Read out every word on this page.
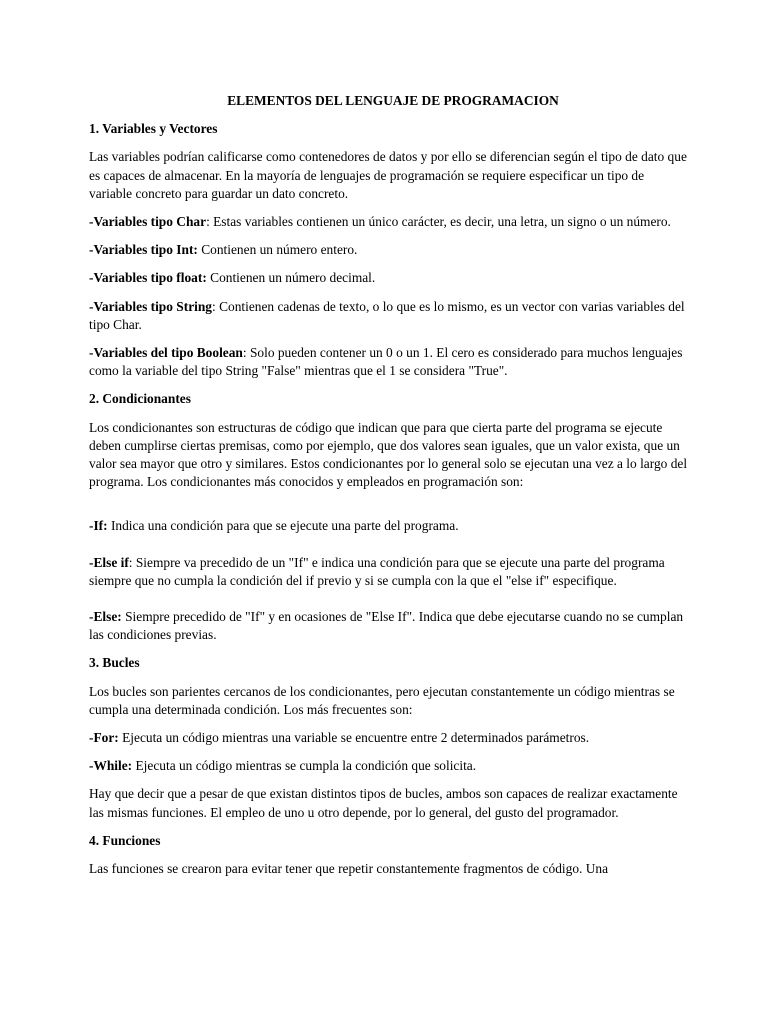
ELEMENTOS DEL LENGUAJE DE PROGRAMACION
1. Variables y Vectores
Las variables podrían calificarse como contenedores de datos y por ello se diferencian según el tipo de dato que es capaces de almacenar. En la mayoría de lenguajes de programación se requiere especificar un tipo de variable concreto para guardar un dato concreto.
-Variables tipo Char: Estas variables contienen un único carácter, es decir, una letra, un signo o un número.
-Variables tipo Int: Contienen un número entero.
-Variables tipo float: Contienen un número decimal.
-Variables tipo String: Contienen cadenas de texto, o lo que es lo mismo, es un vector con varias variables del tipo Char.
-Variables del tipo Boolean: Solo pueden contener un 0 o un 1. El cero es considerado para muchos lenguajes como la variable del tipo String "False" mientras que el 1 se considera "True".
2. Condicionantes
Los condicionantes son estructuras de código que indican que para que cierta parte del programa se ejecute deben cumplirse ciertas premisas, como por ejemplo, que dos valores sean iguales, que un valor exista, que un valor sea mayor que otro y similares. Estos condicionantes por lo general solo se ejecutan una vez a lo largo del programa. Los condicionantes más conocidos y empleados en programación son:
-If: Indica una condición para que se ejecute una parte del programa.
-Else if: Siempre va precedido de un "If" e indica una condición para que se ejecute una parte del programa siempre que no cumpla la condición del if previo y si se cumpla con la que el "else if" especifique.
-Else: Siempre precedido de "If" y en ocasiones de "Else If". Indica que debe ejecutarse cuando no se cumplan las condiciones previas.
3. Bucles
Los bucles son parientes cercanos de los condicionantes, pero ejecutan constantemente un código mientras se cumpla una determinada condición. Los más frecuentes son:
-For: Ejecuta un código mientras una variable se encuentre entre 2 determinados parámetros.
-While: Ejecuta un código mientras se cumpla la condición que solicita.
Hay que decir que a pesar de que existan distintos tipos de bucles, ambos son capaces de realizar exactamente las mismas funciones. El empleo de uno u otro depende, por lo general, del gusto del programador.
4. Funciones
Las funciones se crearon para evitar tener que repetir constantemente fragmentos de código. Una
